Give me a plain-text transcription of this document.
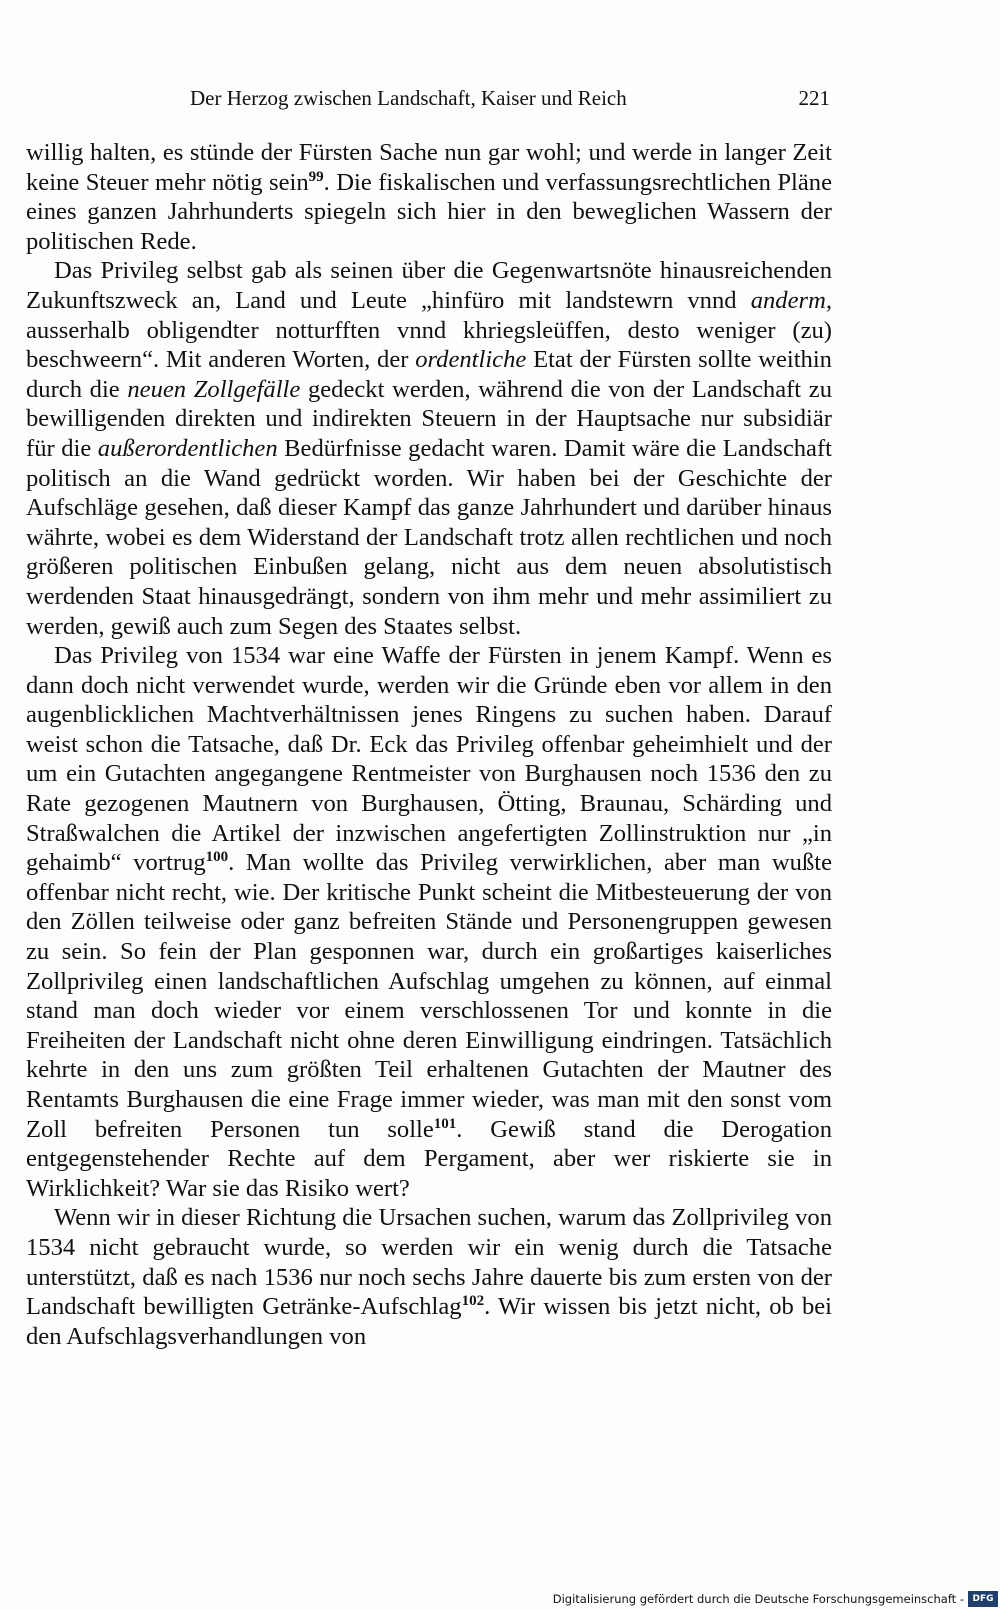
Der Herzog zwischen Landschaft, Kaiser und Reich	221

willig halten, es stünde der Fürsten Sache nun gar wohl; und werde in langer Zeit keine Steuer mehr nötig sein$^{99}$. Die fiskalischen und verfassungsrechtlichen Pläne eines ganzen Jahrhunderts spiegeln sich hier in den beweglichen Wassern der politischen Rede.

Das Privileg selbst gab als seinen über die Gegenwartsnöte hinausreichenden Zukunftszweck an, Land und Leute „hinfüro mit landstewrn vnnd anderm, ausserhalb obligendter notturfften vnnd khriegsleüffen, desto weniger (zu) beschweern“. Mit anderen Worten, der ordentliche Etat der Fürsten sollte weithin durch die neuen Zollgefälle gedeckt werden, während die von der Landschaft zu bewilligenden direkten und indirekten Steuern in der Hauptsache nur subsidiär für die außerordentlichen Bedürfnisse gedacht waren. Damit wäre die Landschaft politisch an die Wand gedrückt worden. Wir haben bei der Geschichte der Aufschläge gesehen, daß dieser Kampf das ganze Jahrhundert und darüber hinaus währte, wobei es dem Widerstand der Landschaft trotz allen rechtlichen und noch größeren politischen Einbußen gelang, nicht aus dem neuen absolutistisch werdenden Staat hinausgedrängt, sondern von ihm mehr und mehr assimiliert zu werden, gewiß auch zum Segen des Staates selbst.

Das Privileg von 1534 war eine Waffe der Fürsten in jenem Kampf. Wenn es dann doch nicht verwendet wurde, werden wir die Gründe eben vor allem in den augenblicklichen Machtverhältnissen jenes Ringens zu suchen haben. Darauf weist schon die Tatsache, daß Dr. Eck das Privileg offenbar geheimhielt und der um ein Gutachten angegangene Rentmeister von Burghausen noch 1536 den zu Rate gezogenen Mautnern von Burghausen, Ötting, Braunau, Schärding und Straßwalchen die Artikel der inzwischen angefertigten Zollinstruktion nur „in gehaimb“ vortrug$^{100}$. Man wollte das Privileg verwirklichen, aber man wußte offenbar nicht recht, wie. Der kritische Punkt scheint die Mitbesteuerung der von den Zöllen teilweise oder ganz befreiten Stände und Personengruppen gewesen zu sein. So fein der Plan gesponnen war, durch ein großartiges kaiserliches Zollprivileg einen landschaftlichen Aufschlag umgehen zu können, auf einmal stand man doch wieder vor einem verschlossenen Tor und konnte in die Freiheiten der Landschaft nicht ohne deren Einwilligung eindringen. Tatsächlich kehrte in den uns zum größten Teil erhaltenen Gutachten der Mautner des Rentamts Burghausen die eine Frage immer wieder, was man mit den sonst vom Zoll befreiten Personen tun solle$^{101}$. Gewiß stand die Derogation entgegenstehender Rechte auf dem Pergament, aber wer riskierte sie in Wirklichkeit? War sie das Risiko wert?

Wenn wir in dieser Richtung die Ursachen suchen, warum das Zollprivileg von 1534 nicht gebraucht wurde, so werden wir ein wenig durch die Tatsache unterstützt, daß es nach 1536 nur noch sechs Jahre dauerte bis zum ersten von der Landschaft bewilligten Getränke-Aufschlag$^{102}$. Wir wissen bis jetzt nicht, ob bei den Aufschlagsverhandlungen von

Digitalisierung gefördert durch die Deutsche Forschungsgemeinschaft - DFG
